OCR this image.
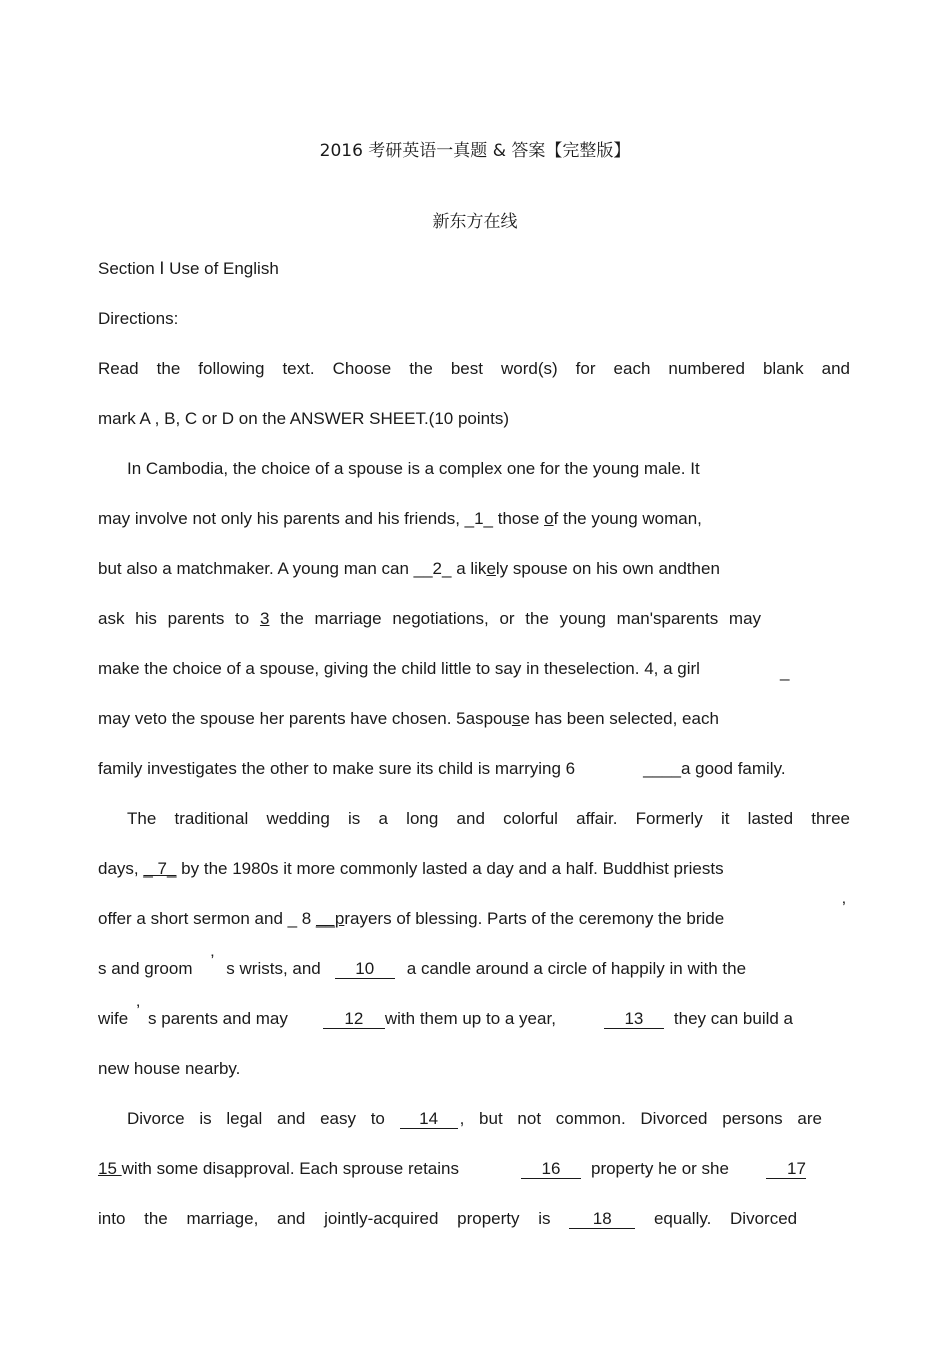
2016 考研英语一真题 & 答案【完整版】
新东方在线
Section Ⅰ Use of English
Directions:
Read the following text. Choose the best word(s) for each numbered blank and
mark A , B, C or D on the ANSWER SHEET.(10 points)
In Cambodia, the choice of a spouse is a complex one for the young male. It
may involve not only his parents and his friends, _1_ those of the young woman,
but also a matchmaker. A young man can __2_ a likely spouse on his own andthen
ask his parents to 3 the marriage negotiations, or the young man'sparents may
make the choice of a spouse, giving the child little to say in theselection. 4, a girl	_
may veto the spouse her parents have chosen. 5aspouse has been selected, each
family investigates the other to make sure its child is marrying 6	____a good family.
The traditional wedding is a long and colorful affair. Formerly it lasted three
days, _ 7_ by the 1980s it more commonly lasted a day and a half. Buddhist priests
offer a short sermon and _ 8 __prayers of blessing. Parts of the ceremony the bride
’
s and groom ’ s wrists, and 10 a candle around a circle of happily in with the
wife ’ s parents and may	12 with them up to a year,	13 they can build a
new house nearby.
Divorce is legal and easy to 14 , but not common. Divorced persons are
15 with some disapproval. Each sprouse retains	16 property he or she	17
into the marriage, and jointly-acquired property is 18 equally. Divorced
